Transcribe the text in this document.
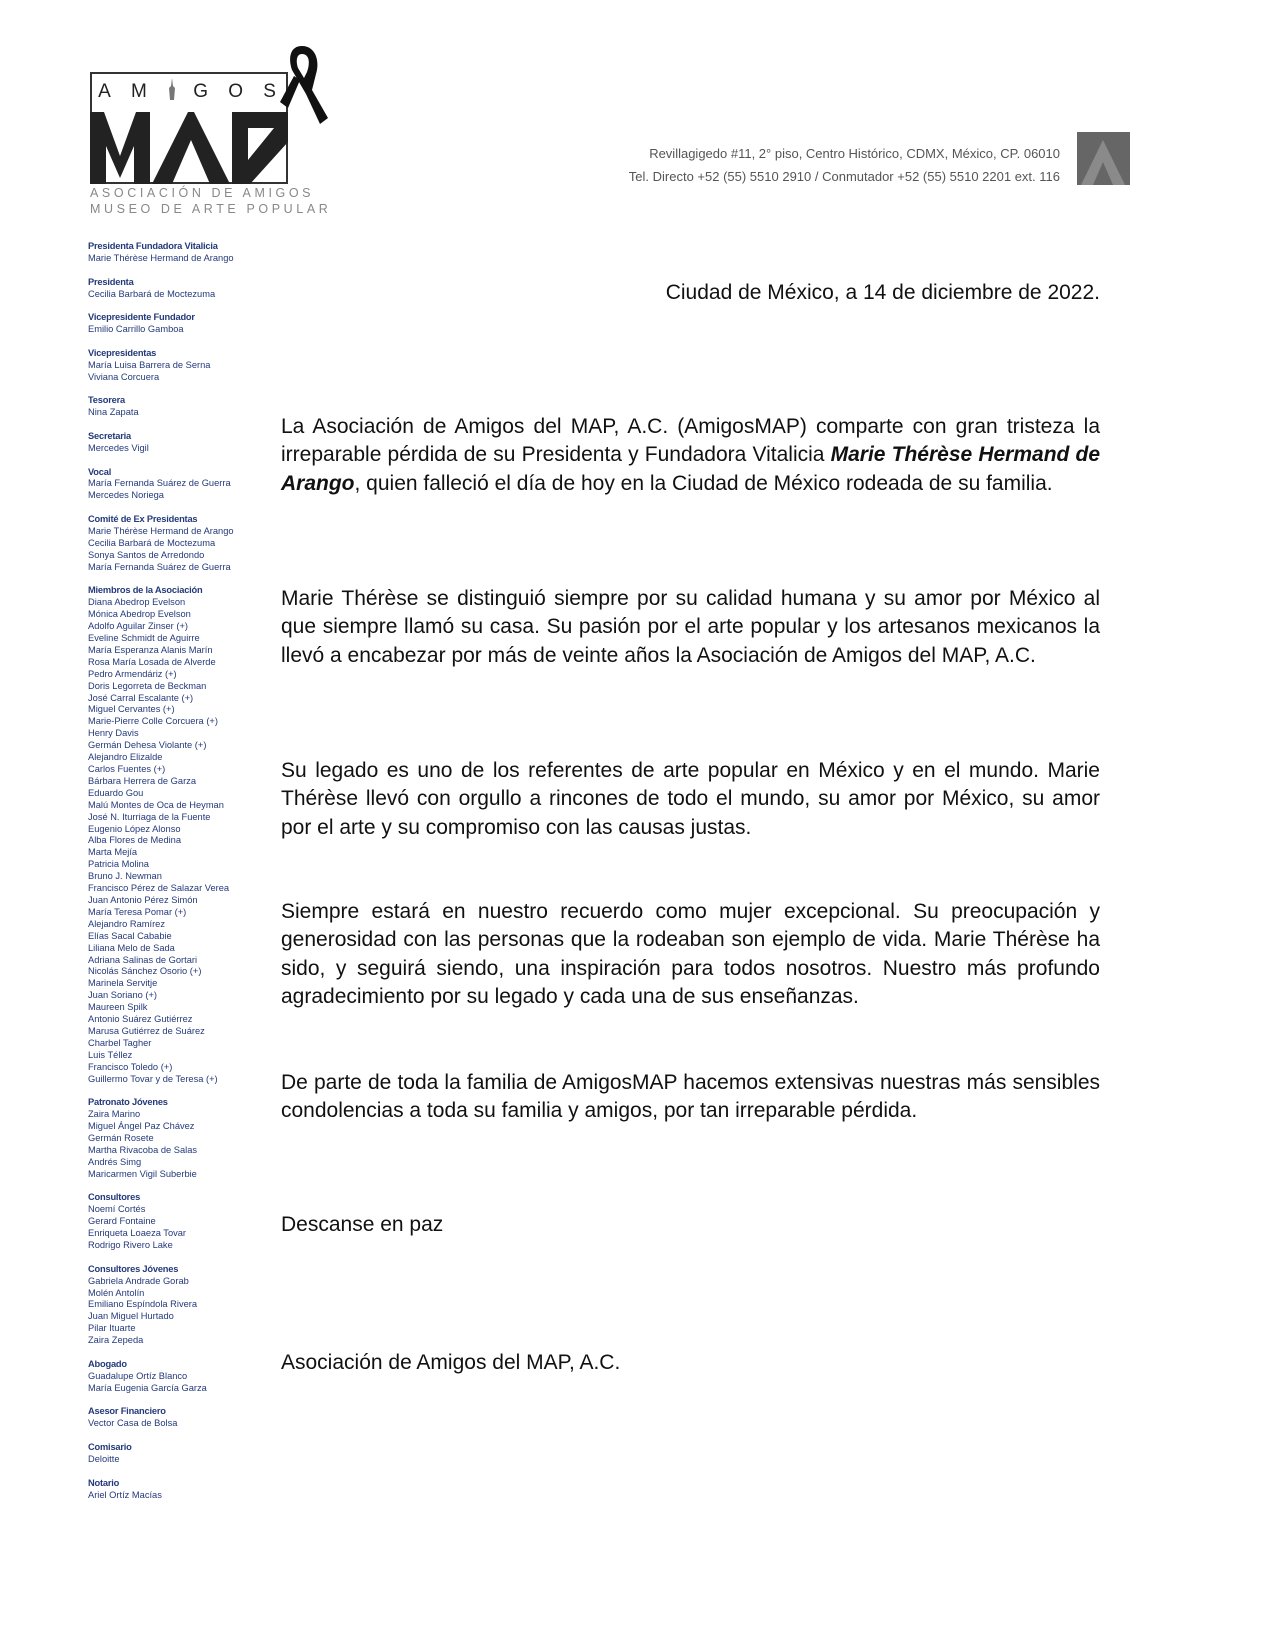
A M G O S
ASOCIACIÓN DE AMIGOS
MUSEO DE ARTE POPULAR
Revillagigedo #11, 2° piso, Centro Histórico, CDMX, México, CP. 06010
Tel. Directo +52 (55) 5510 2910 / Conmutador +52 (55) 5510 2201 ext. 116
Presidenta Fundadora Vitalicia
Marie Thérèse Hermand de Arango
Presidenta
Cecilia Barbará de Moctezuma
Vicepresidente Fundador
Emilio Carrillo Gamboa
Vicepresidentas
María Luisa Barrera de Serna
Viviana Corcuera
Tesorera
Nina Zapata
Secretaria
Mercedes Vigil
Vocal
María Fernanda Suárez de Guerra
Mercedes Noriega
Comité de Ex Presidentas
Marie Thérèse Hermand de Arango
Cecilia Barbará de Moctezuma
Sonya Santos de Arredondo
María Fernanda Suárez de Guerra
Miembros de la Asociación
Diana Abedrop Evelson
Mónica Abedrop Evelson
Adolfo Aguilar Zinser (+)
Eveline Schmidt de Aguirre
María Esperanza Alanis Marín
Rosa María Losada de Alverde
Pedro Armendáriz (+)
Doris Legorreta de Beckman
José Carral Escalante (+)
Miguel Cervantes (+)
Marie-Pierre Colle Corcuera (+)
Henry Davis
Germán Dehesa Violante (+)
Alejandro Elizalde
Carlos Fuentes (+)
Bárbara Herrera de Garza
Eduardo Gou
Malú Montes de Oca de Heyman
José N. Iturriaga de la Fuente
Eugenio López Alonso
Alba Flores de Medina
Marta Mejía
Patricia Molina
Bruno J. Newman
Francisco Pérez de Salazar Verea
Juan Antonio Pérez Simón
María Teresa Pomar (+)
Alejandro Ramírez
Elías Sacal Cababie
Liliana Melo de Sada
Adriana Salinas de Gortari
Nicolás Sánchez Osorio (+)
Marinela Servitje
Juan Soriano (+)
Maureen Spilk
Antonio Suárez Gutiérrez
Marusa Gutiérrez de Suárez
Charbel Tagher
Luis Téllez
Francisco Toledo (+)
Guillermo Tovar y de Teresa (+)
Patronato Jóvenes
Zaira Marino
Miguel Ángel Paz Chávez
Germán Rosete
Martha Rivacoba de Salas
Andrés Simg
Maricarmen Vigil Suberbie
Consultores
Noemí Cortés
Gerard Fontaine
Enriqueta Loaeza Tovar
Rodrigo Rivero Lake
Consultores Jóvenes
Gabriela Andrade Gorab
Molén Antolín
Emiliano Espíndola Rivera
Juan Miguel Hurtado
Pilar Ituarte
Zaira Zepeda
Abogado
Guadalupe Ortíz Blanco
María Eugenia García Garza
Asesor Financiero
Vector Casa de Bolsa
Comisario
Deloitte
Notario
Ariel Ortíz Macías
Ciudad de México, a 14 de diciembre de 2022.

La Asociación de Amigos del MAP, A.C. (AmigosMAP) comparte con gran tristeza la irreparable pérdida de su Presidenta y Fundadora Vitalicia Marie Thérèse Hermand de Arango, quien falleció el día de hoy en la Ciudad de México rodeada de su familia.

Marie Thérèse se distinguió siempre por su calidad humana y su amor por México al que siempre llamó su casa. Su pasión por el arte popular y los artesanos mexicanos la llevó a encabezar por más de veinte años la Asociación de Amigos del MAP, A.C.

Su legado es uno de los referentes de arte popular en México y en el mundo. Marie Thérèse llevó con orgullo a rincones de todo el mundo, su amor por México, su amor por el arte y su compromiso con las causas justas.

Siempre estará en nuestro recuerdo como mujer excepcional. Su preocupación y generosidad con las personas que la rodeaban son ejemplo de vida. Marie Thérèse ha sido, y seguirá siendo, una inspiración para todos nosotros. Nuestro más profundo agradecimiento por su legado y cada una de sus enseñanzas.

De parte de toda la familia de AmigosMAP hacemos extensivas nuestras más sensibles condolencias a toda su familia y amigos, por tan irreparable pérdida.

Descanse en paz
Asociación de Amigos del MAP, A.C.
